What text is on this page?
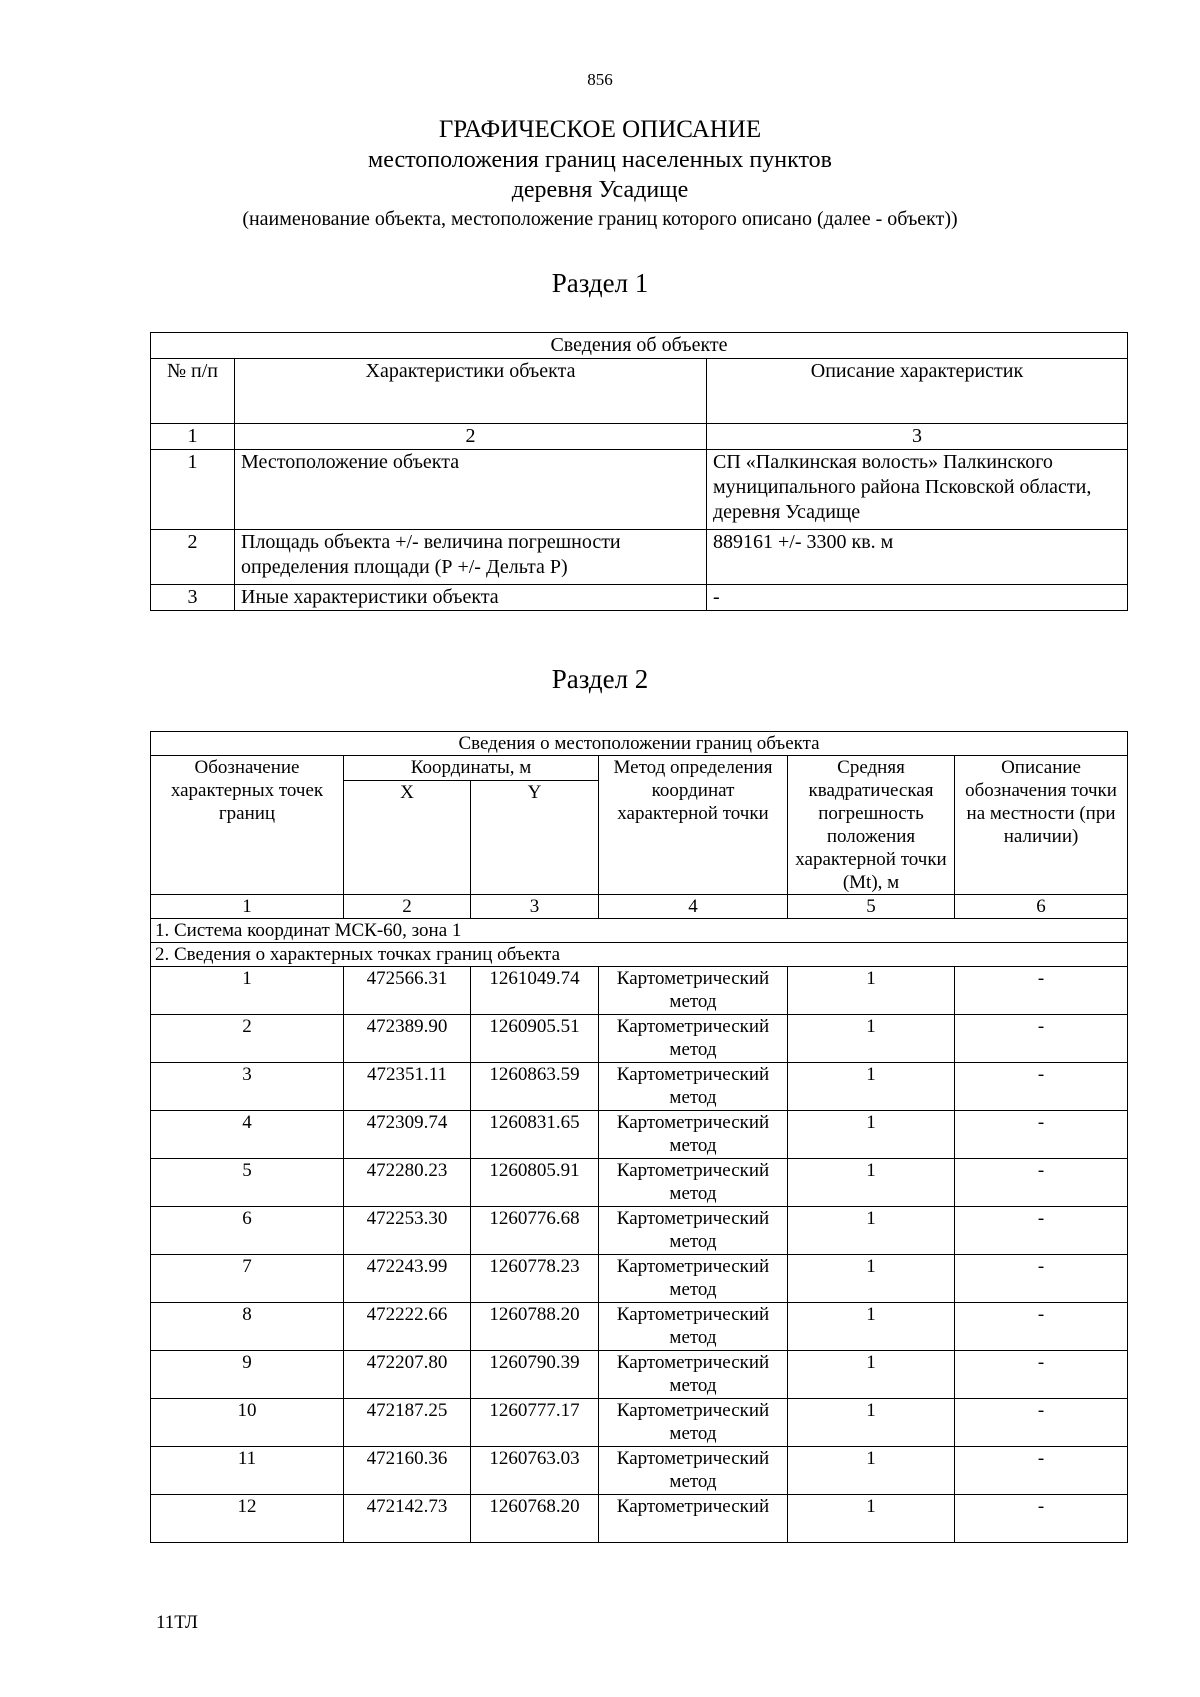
856
ГРАФИЧЕСКОЕ ОПИСАНИЕ
местоположения границ населенных пунктов
деревня Усадище
(наименование объекта, местоположение границ которого описано (далее - объект))
Раздел 1
Сведения об объекте		
№ п/п	Характеристики объекта	Описание характеристик
1	2	3
1	Местоположение объекта	СП «Палкинская волость» Палкинского муниципального района Псковской области, деревня Усадище
2	Площадь объекта +/- величина погрешности определения площади (Р +/- Дельта Р)	889161 +/- 3300 кв. м
3	Иные характеристики объекта	-
Раздел 2
Сведения о местоположении границ объекта					
Обозначение характерных точек границ	Координаты, м		Метод определения координат характерной точки	Средняя квадратическая погрешность положения характерной точки (Mt), м	Описание обозначения точки на местности (при наличии)
	X	Y			
1	2	3	4	5	6
1. Система координат МСК-60, зона 1					
2. Сведения о характерных точках границ объекта					
1	472566.31	1261049.74	Картометрический метод	1	-
2	472389.90	1260905.51	Картометрический метод	1	-
3	472351.11	1260863.59	Картометрический метод	1	-
4	472309.74	1260831.65	Картометрический метод	1	-
5	472280.23	1260805.91	Картометрический метод	1	-
6	472253.30	1260776.68	Картометрический метод	1	-
7	472243.99	1260778.23	Картометрический метод	1	-
8	472222.66	1260788.20	Картометрический метод	1	-
9	472207.80	1260790.39	Картометрический метод	1	-
10	472187.25	1260777.17	Картометрический метод	1	-
11	472160.36	1260763.03	Картометрический метод	1	-
12	472142.73	1260768.20	Картометрический	1	-
11ТЛ
